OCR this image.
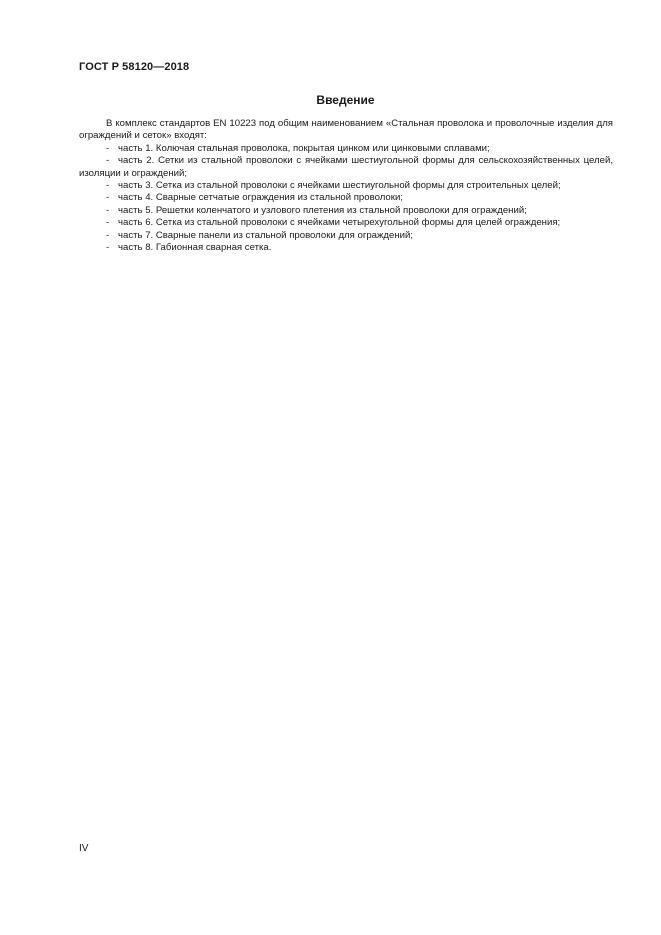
ГОСТ Р 58120—2018
Введение

В комплекс стандартов EN 10223 под общим наименованием «Стальная проволока и проволочные изделия для ограждений и сеток» входят:

- часть 1. Колючая стальная проволока, покрытая цинком или цинковыми сплавами;

- часть 2. Сетки из стальной проволоки с ячейками шестиугольной формы для сельскохозяйственных целей, изоляции и ограждений;

- часть 3. Сетка из стальной проволоки с ячейками шестиугольной формы для строительных целей;

- часть 4. Сварные сетчатые ограждения из стальной проволоки;

- часть 5. Решетки коленчатого и узлового плетения из стальной проволоки для ограждений;

- часть 6. Сетка из стальной проволоки с ячейками четырехугольной формы для целей ограждения;

- часть 7. Сварные панели из стальной проволоки для ограждений;

- часть 8. Габионная сварная сетка.

IV
